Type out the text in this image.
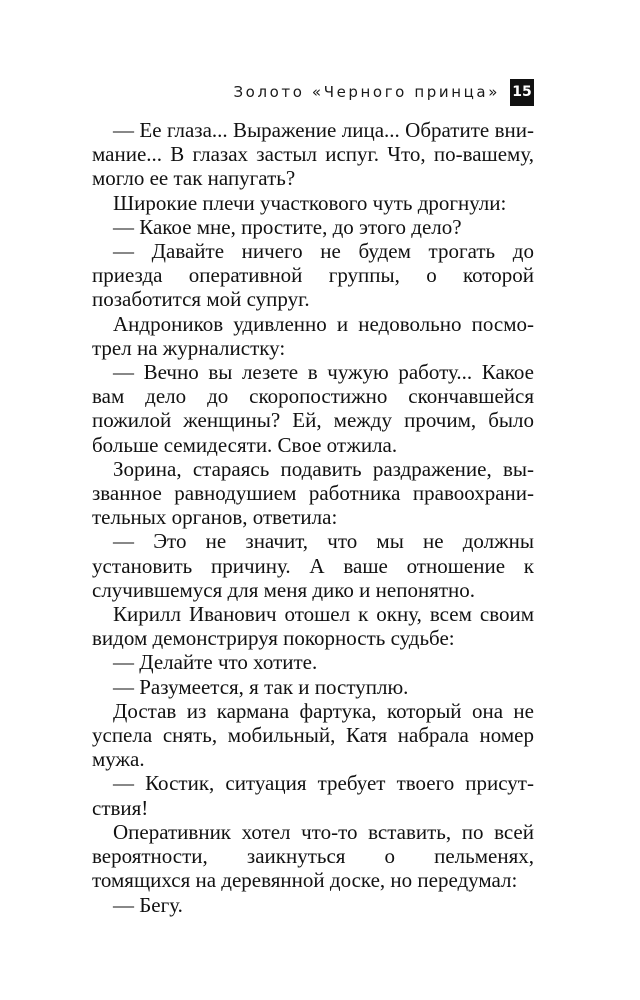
Золото «Черного принца» 15

— Ее глаза... Выражение лица... Обратите внимание... В глазах застыл испуг. Что, по-вашему, могло ее так напугать?

Широкие плечи участкового чуть дрогнули:

— Какое мне, простите, до этого дело?

— Давайте ничего не будем трогать до приезда оперативной группы, о которой позаботится мой супруг.

Андроников удивленно и недовольно посмотрел на журналистку:

— Вечно вы лезете в чужую работу... Какое вам дело до скоропостижно скончавшейся пожилой женщины? Ей, между прочим, было больше семидесяти. Свое отжила.

Зорина, стараясь подавить раздражение, вызванное равнодушием работника правоохранительных органов, ответила:

— Это не значит, что мы не должны установить причину. А ваше отношение к случившемуся для меня дико и непонятно.

Кирилл Иванович отошел к окну, всем своим видом демонстрируя покорность судьбе:

— Делайте что хотите.

— Разумеется, я так и поступлю.

Достав из кармана фартука, который она не успела снять, мобильный, Катя набрала номер мужа.

— Костик, ситуация требует твоего присутствия!

Оперативник хотел что-то вставить, по всей вероятности, заикнуться о пельменях, томящихся на деревянной доске, но передумал:

— Бегу.
